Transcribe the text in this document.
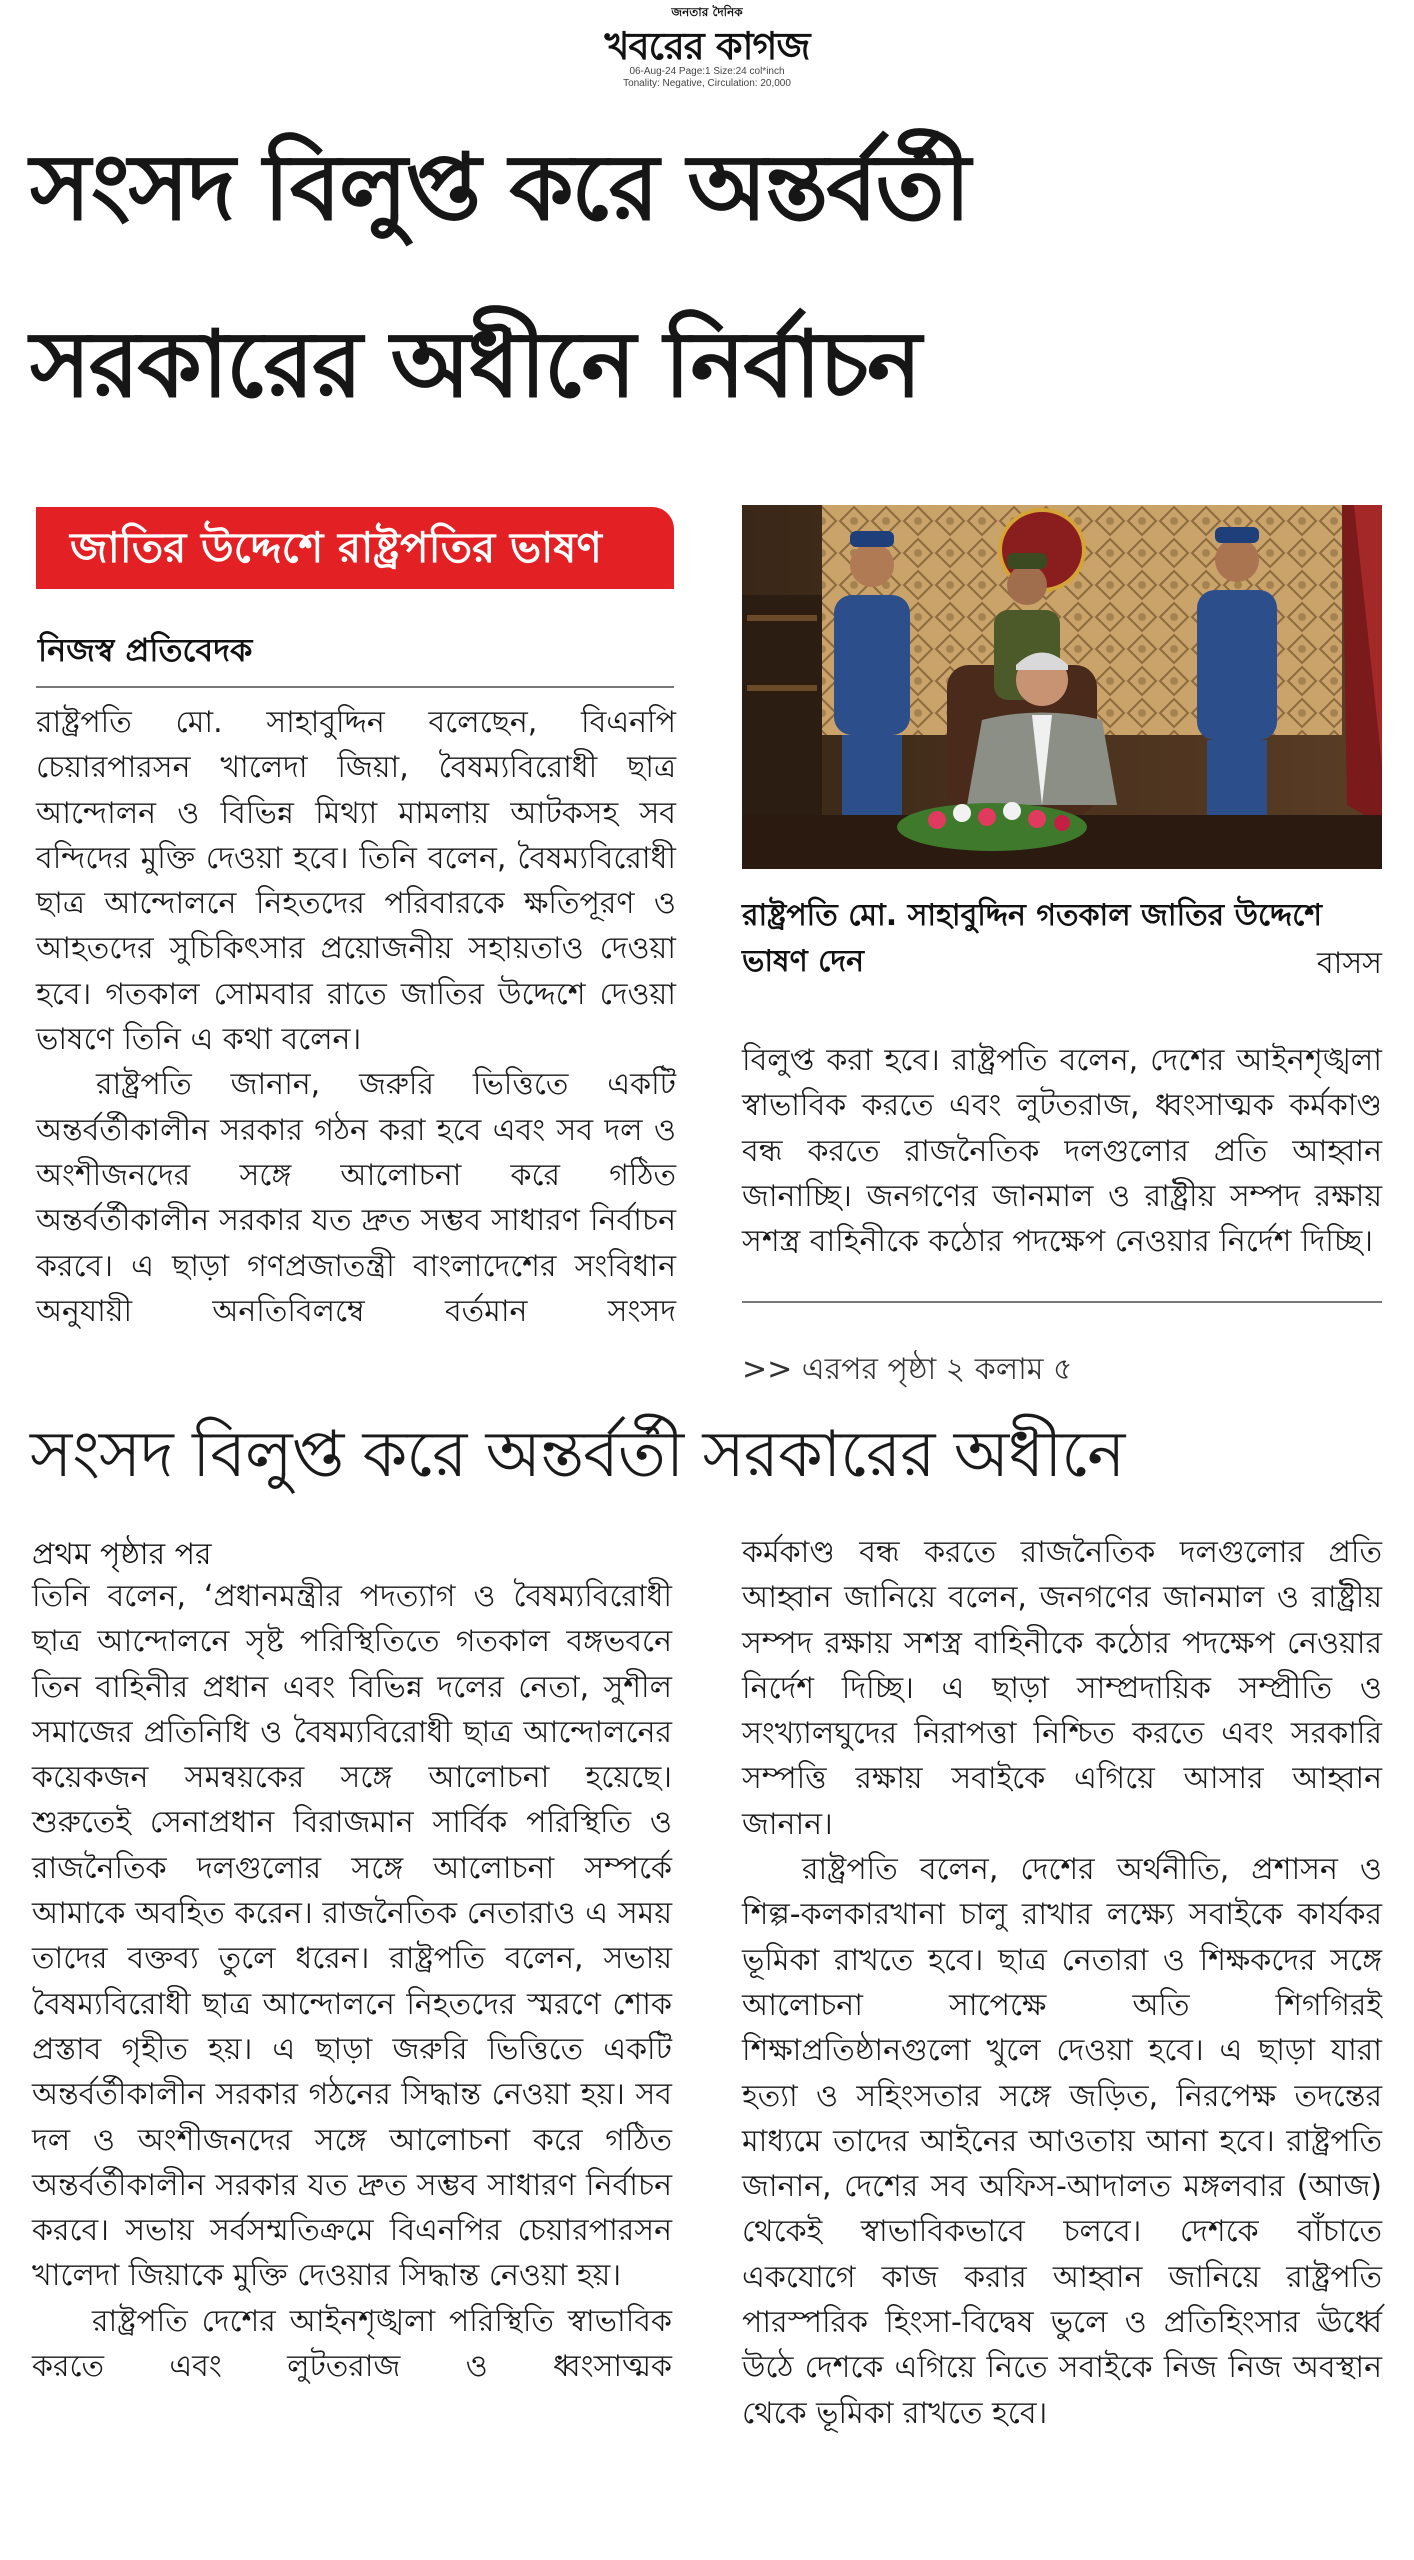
জনতার দৈনিক
খবরের কাগজ
06-Aug-24 Page:1 Size:24 col*inch
Tonality: Negative, Circulation: 20,000
সংসদ বিলুপ্ত করে অন্তর্বর্তী
সরকারের অধীনে নির্বাচন
জাতির উদ্দেশে রাষ্ট্রপতির ভাষণ
নিজস্ব প্রতিবেদক

রাষ্ট্রপতি মো. সাহাবুদ্দিন বলেছেন, বিএনপি চেয়ারপারসন খালেদা জিয়া, বৈষম্যবিরোধী ছাত্র আন্দোলন ও বিভিন্ন মিথ্যা মামলায় আটকসহ সব বন্দিদের মুক্তি দেওয়া হবে। তিনি বলেন, বৈষম্যবিরোধী ছাত্র আন্দোলনে নিহতদের পরিবারকে ক্ষতিপূরণ ও আহতদের সুচিকিৎসার প্রয়োজনীয় সহায়তাও দেওয়া হবে। গতকাল সোমবার রাতে জাতির উদ্দেশে দেওয়া ভাষণে তিনি এ কথা বলেন।

রাষ্ট্রপতি জানান, জরুরি ভিত্তিতে একটি অন্তর্বর্তীকালীন সরকার গঠন করা হবে এবং সব দল ও অংশীজনদের সঙ্গে আলোচনা করে গঠিত অন্তর্বর্তীকালীন সরকার যত দ্রুত সম্ভব সাধারণ নির্বাচন করবে। এ ছাড়া গণপ্রজাতন্ত্রী বাংলাদেশের সংবিধান অনুযায়ী অনতিবিলম্বে বর্তমান সংসদ

রাষ্ট্রপতি মো. সাহাবুদ্দিন গতকাল জাতির উদ্দেশে ভাষণ দেন	বাসস

বিলুপ্ত করা হবে। রাষ্ট্রপতি বলেন, দেশের আইনশৃঙ্খলা স্বাভাবিক করতে এবং লুটতরাজ, ধ্বংসাত্মক কর্মকাণ্ড বন্ধ করতে রাজনৈতিক দলগুলোর প্রতি আহ্বান জানাচ্ছি। জনগণের জানমাল ও রাষ্ট্রীয় সম্পদ রক্ষায় সশস্ত্র বাহিনীকে কঠোর পদক্ষেপ নেওয়ার নির্দেশ দিচ্ছি।

>> এরপর পৃষ্ঠা ২ কলাম ৫
সংসদ বিলুপ্ত করে অন্তর্বর্তী সরকারের অধীনে
প্রথম পৃষ্ঠার পর

তিনি বলেন, ‘প্রধানমন্ত্রীর পদত্যাগ ও বৈষম্যবিরোধী ছাত্র আন্দোলনে সৃষ্ট পরিস্থিতিতে গতকাল বঙ্গভবনে তিন বাহিনীর প্রধান এবং বিভিন্ন দলের নেতা, সুশীল সমাজের প্রতিনিধি ও বৈষম্যবিরোধী ছাত্র আন্দোলনের কয়েকজন সমন্বয়কের সঙ্গে আলোচনা হয়েছে। শুরুতেই সেনাপ্রধান বিরাজমান সার্বিক পরিস্থিতি ও রাজনৈতিক দলগুলোর সঙ্গে আলোচনা সম্পর্কে আমাকে অবহিত করেন। রাজনৈতিক নেতারাও এ সময় তাদের বক্তব্য তুলে ধরেন। রাষ্ট্রপতি বলেন, সভায় বৈষম্যবিরোধী ছাত্র আন্দোলনে নিহতদের স্মরণে শোক প্রস্তাব গৃহীত হয়। এ ছাড়া জরুরি ভিত্তিতে একটি অন্তর্বর্তীকালীন সরকার গঠনের সিদ্ধান্ত নেওয়া হয়। সব দল ও অংশীজনদের সঙ্গে আলোচনা করে গঠিত অন্তর্বর্তীকালীন সরকার যত দ্রুত সম্ভব সাধারণ নির্বাচন করবে। সভায় সর্বসম্মতিক্রমে বিএনপির চেয়ারপারসন খালেদা জিয়াকে মুক্তি দেওয়ার সিদ্ধান্ত নেওয়া হয়।

রাষ্ট্রপতি দেশের আইনশৃঙ্খলা পরিস্থিতি স্বাভাবিক করতে এবং লুটতরাজ ও ধ্বংসাত্মক

কর্মকাণ্ড বন্ধ করতে রাজনৈতিক দলগুলোর প্রতি আহ্বান জানিয়ে বলেন, জনগণের জানমাল ও রাষ্ট্রীয় সম্পদ রক্ষায় সশস্ত্র বাহিনীকে কঠোর পদক্ষেপ নেওয়ার নির্দেশ দিচ্ছি। এ ছাড়া সাম্প্রদায়িক সম্প্রীতি ও সংখ্যালঘুদের নিরাপত্তা নিশ্চিত করতে এবং সরকারি সম্পত্তি রক্ষায় সবাইকে এগিয়ে আসার আহ্বান জানান।

রাষ্ট্রপতি বলেন, দেশের অর্থনীতি, প্রশাসন ও শিল্প-কলকারখানা চালু রাখার লক্ষ্যে সবাইকে কার্যকর ভূমিকা রাখতে হবে। ছাত্র নেতারা ও শিক্ষকদের সঙ্গে আলোচনা সাপেক্ষে অতি শিগগিরই শিক্ষাপ্রতিষ্ঠানগুলো খুলে দেওয়া হবে। এ ছাড়া যারা হত্যা ও সহিংসতার সঙ্গে জড়িত, নিরপেক্ষ তদন্তের মাধ্যমে তাদের আইনের আওতায় আনা হবে। রাষ্ট্রপতি জানান, দেশের সব অফিস-আদালত মঙ্গলবার (আজ) থেকেই স্বাভাবিকভাবে চলবে। দেশকে বাঁচাতে একযোগে কাজ করার আহ্বান জানিয়ে রাষ্ট্রপতি পারস্পরিক হিংসা-বিদ্বেষ ভুলে ও প্রতিহিংসার ঊর্ধ্বে উঠে দেশকে এগিয়ে নিতে সবাইকে নিজ নিজ অবস্থান থেকে ভূমিকা রাখতে হবে।
